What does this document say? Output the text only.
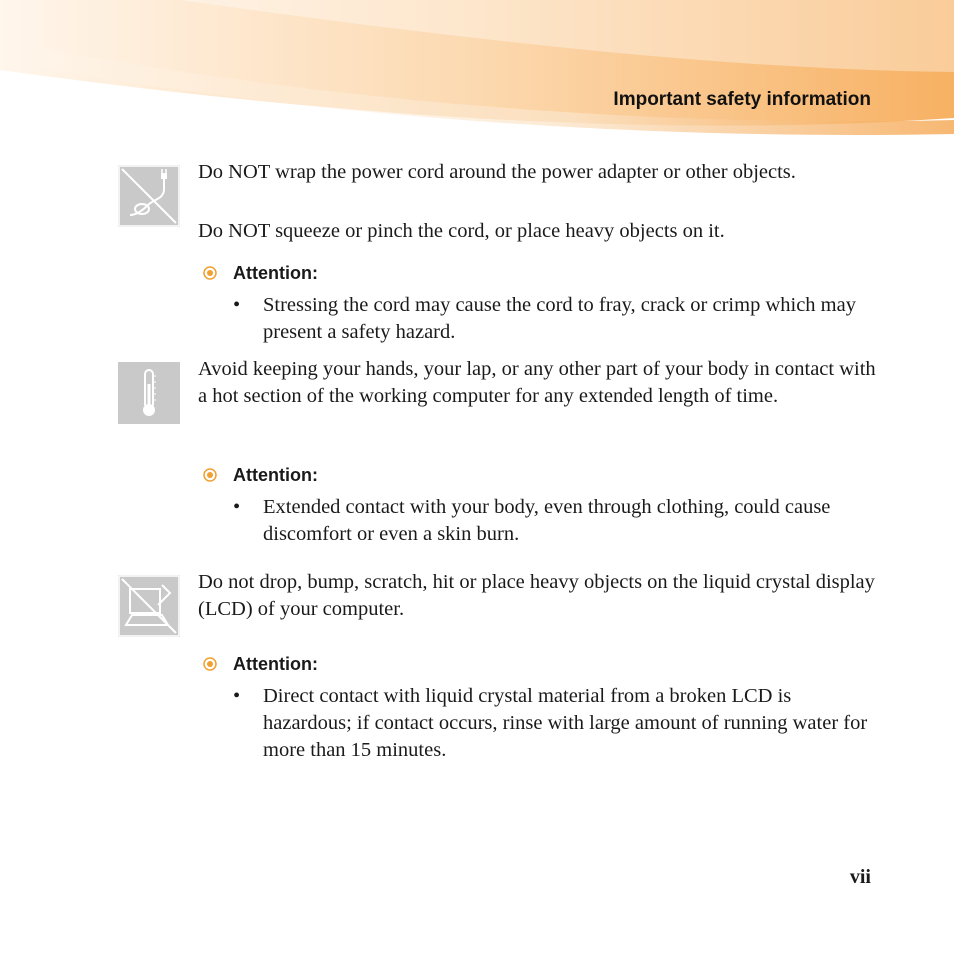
Important safety information

Do NOT wrap the power cord around the power adapter or other objects.

Do NOT squeeze or pinch the cord, or place heavy objects on it.

Attention:
• Stressing the cord may cause the cord to fray, crack or crimp which may present a safety hazard.

Avoid keeping your hands, your lap, or any other part of your body in contact with a hot section of the working computer for any extended length of time.

Attention:
• Extended contact with your body, even through clothing, could cause discomfort or even a skin burn.

Do not drop, bump, scratch, hit or place heavy objects on the liquid crystal display (LCD) of your computer.

Attention:
• Direct contact with liquid crystal material from a broken LCD is hazardous; if contact occurs, rinse with large amount of running water for more than 15 minutes.
vii
